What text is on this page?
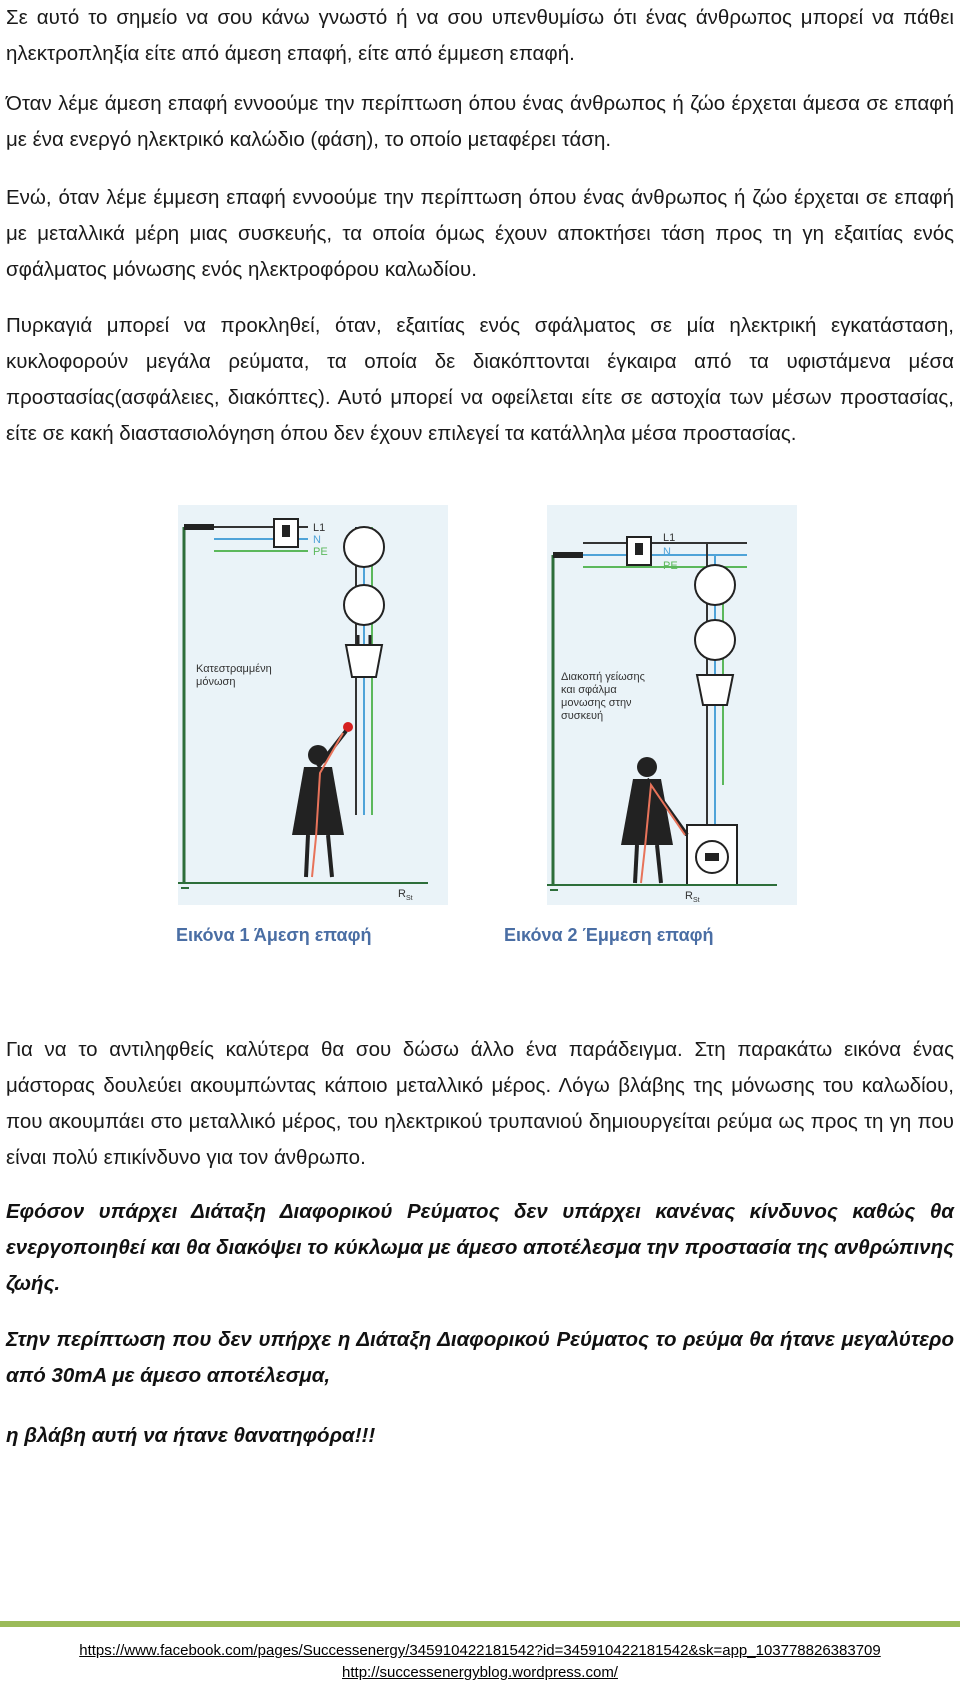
Σε αυτό το σημείο να σου κάνω γνωστό ή να σου υπενθυμίσω ότι ένας άνθρωπος μπορεί να πάθει ηλεκτροπληξία είτε από άμεση επαφή, είτε από έμμεση επαφή.

Όταν λέμε άμεση επαφή εννοούμε την περίπτωση όπου ένας άνθρωπος ή ζώο έρχεται άμεσα σε επαφή με ένα ενεργό ηλεκτρικό καλώδιο (φάση), το οποίο μεταφέρει τάση.

Ενώ, όταν λέμε έμμεση επαφή εννοούμε την περίπτωση όπου ένας άνθρωπος ή ζώο έρχεται σε επαφή με μεταλλικά μέρη μιας συσκευής, τα οποία όμως έχουν αποκτήσει τάση προς τη γη εξαιτίας ενός σφάλματος μόνωσης ενός ηλεκτροφόρου καλωδίου.

Πυρκαγιά μπορεί να προκληθεί, όταν, εξαιτίας ενός σφάλματος σε μία ηλεκτρική εγκατάσταση, κυκλοφορούν μεγάλα ρεύματα, τα οποία δε διακόπτονται έγκαιρα από τα υφιστάμενα μέσα προστασίας(ασφάλειες, διακόπτες). Αυτό μπορεί να οφείλεται είτε σε αστοχία των μέσων προστασίας, είτε σε κακή διαστασιολόγηση όπου δεν έχουν επιλεγεί τα κατάλληλα μέσα προστασίας.

L1
N
PE
Κατεστραμμένη μόνωση
R St
L1
N
PE
Διακοπή γείωσης και σφάλμα μονωσης στην συσκευή
R St

Εικόνα 1 Άμεση επαφή	Εικόνα 2 Έμμεση επαφή

Για να το αντιληφθείς καλύτερα θα σου δώσω άλλο ένα παράδειγμα. Στη παρακάτω εικόνα ένας μάστορας δουλεύει ακουμπώντας κάποιο μεταλλικό μέρος. Λόγω βλάβης της μόνωσης του καλωδίου, που ακουμπάει στο μεταλλικό μέρος, του ηλεκτρικού τρυπανιού δημιουργείται ρεύμα ως προς τη γη που είναι πολύ επικίνδυνο για τον άνθρωπο.

Εφόσον υπάρχει Διάταξη Διαφορικού Ρεύματος δεν υπάρχει κανένας κίνδυνος καθώς θα ενεργοποιηθεί και θα διακόψει το κύκλωμα με άμεσο αποτέλεσμα την προστασία της ανθρώπινης ζωής.

Στην περίπτωση που δεν υπήρχε η Διάταξη Διαφορικού Ρεύματος το ρεύμα θα ήτανε μεγαλύτερο από 30mA με άμεσο αποτέλεσμα,

η βλάβη αυτή να ήτανε θανατηφόρα!!!

https://www.facebook.com/pages/Successenergy/345910422181542?id=345910422181542&sk=app_103778826383709

http://successenergyblog.wordpress.com/
